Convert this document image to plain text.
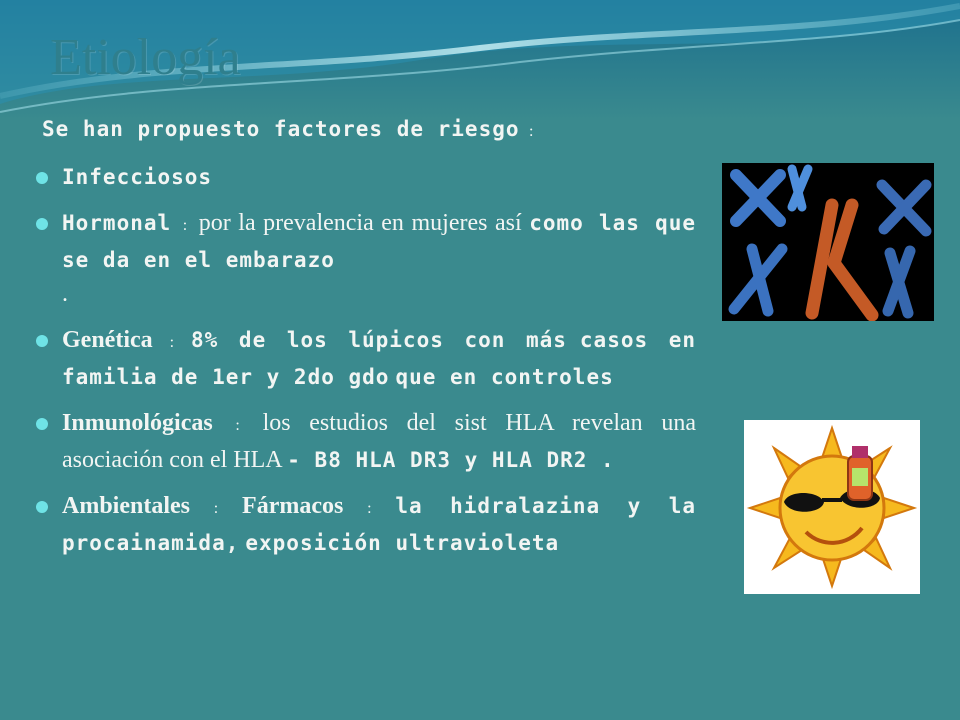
Etiología
Se han propuesto factores de riesgo :
Infecciosos
Hormonal : por la prevalencia en mujeres así como las que se da en el embarazo
.
Genética : 8% de los lúpicos con más casos en familia de 1er y 2do gdo que en controles
Inmunológicas : los estudios del sist HLA revelan una asociación con el HLA - B8 HLA DR3 y HLA DR2 .
Ambientales : Fármacos : la hidralazina y la procainamida, exposición ultravioleta
